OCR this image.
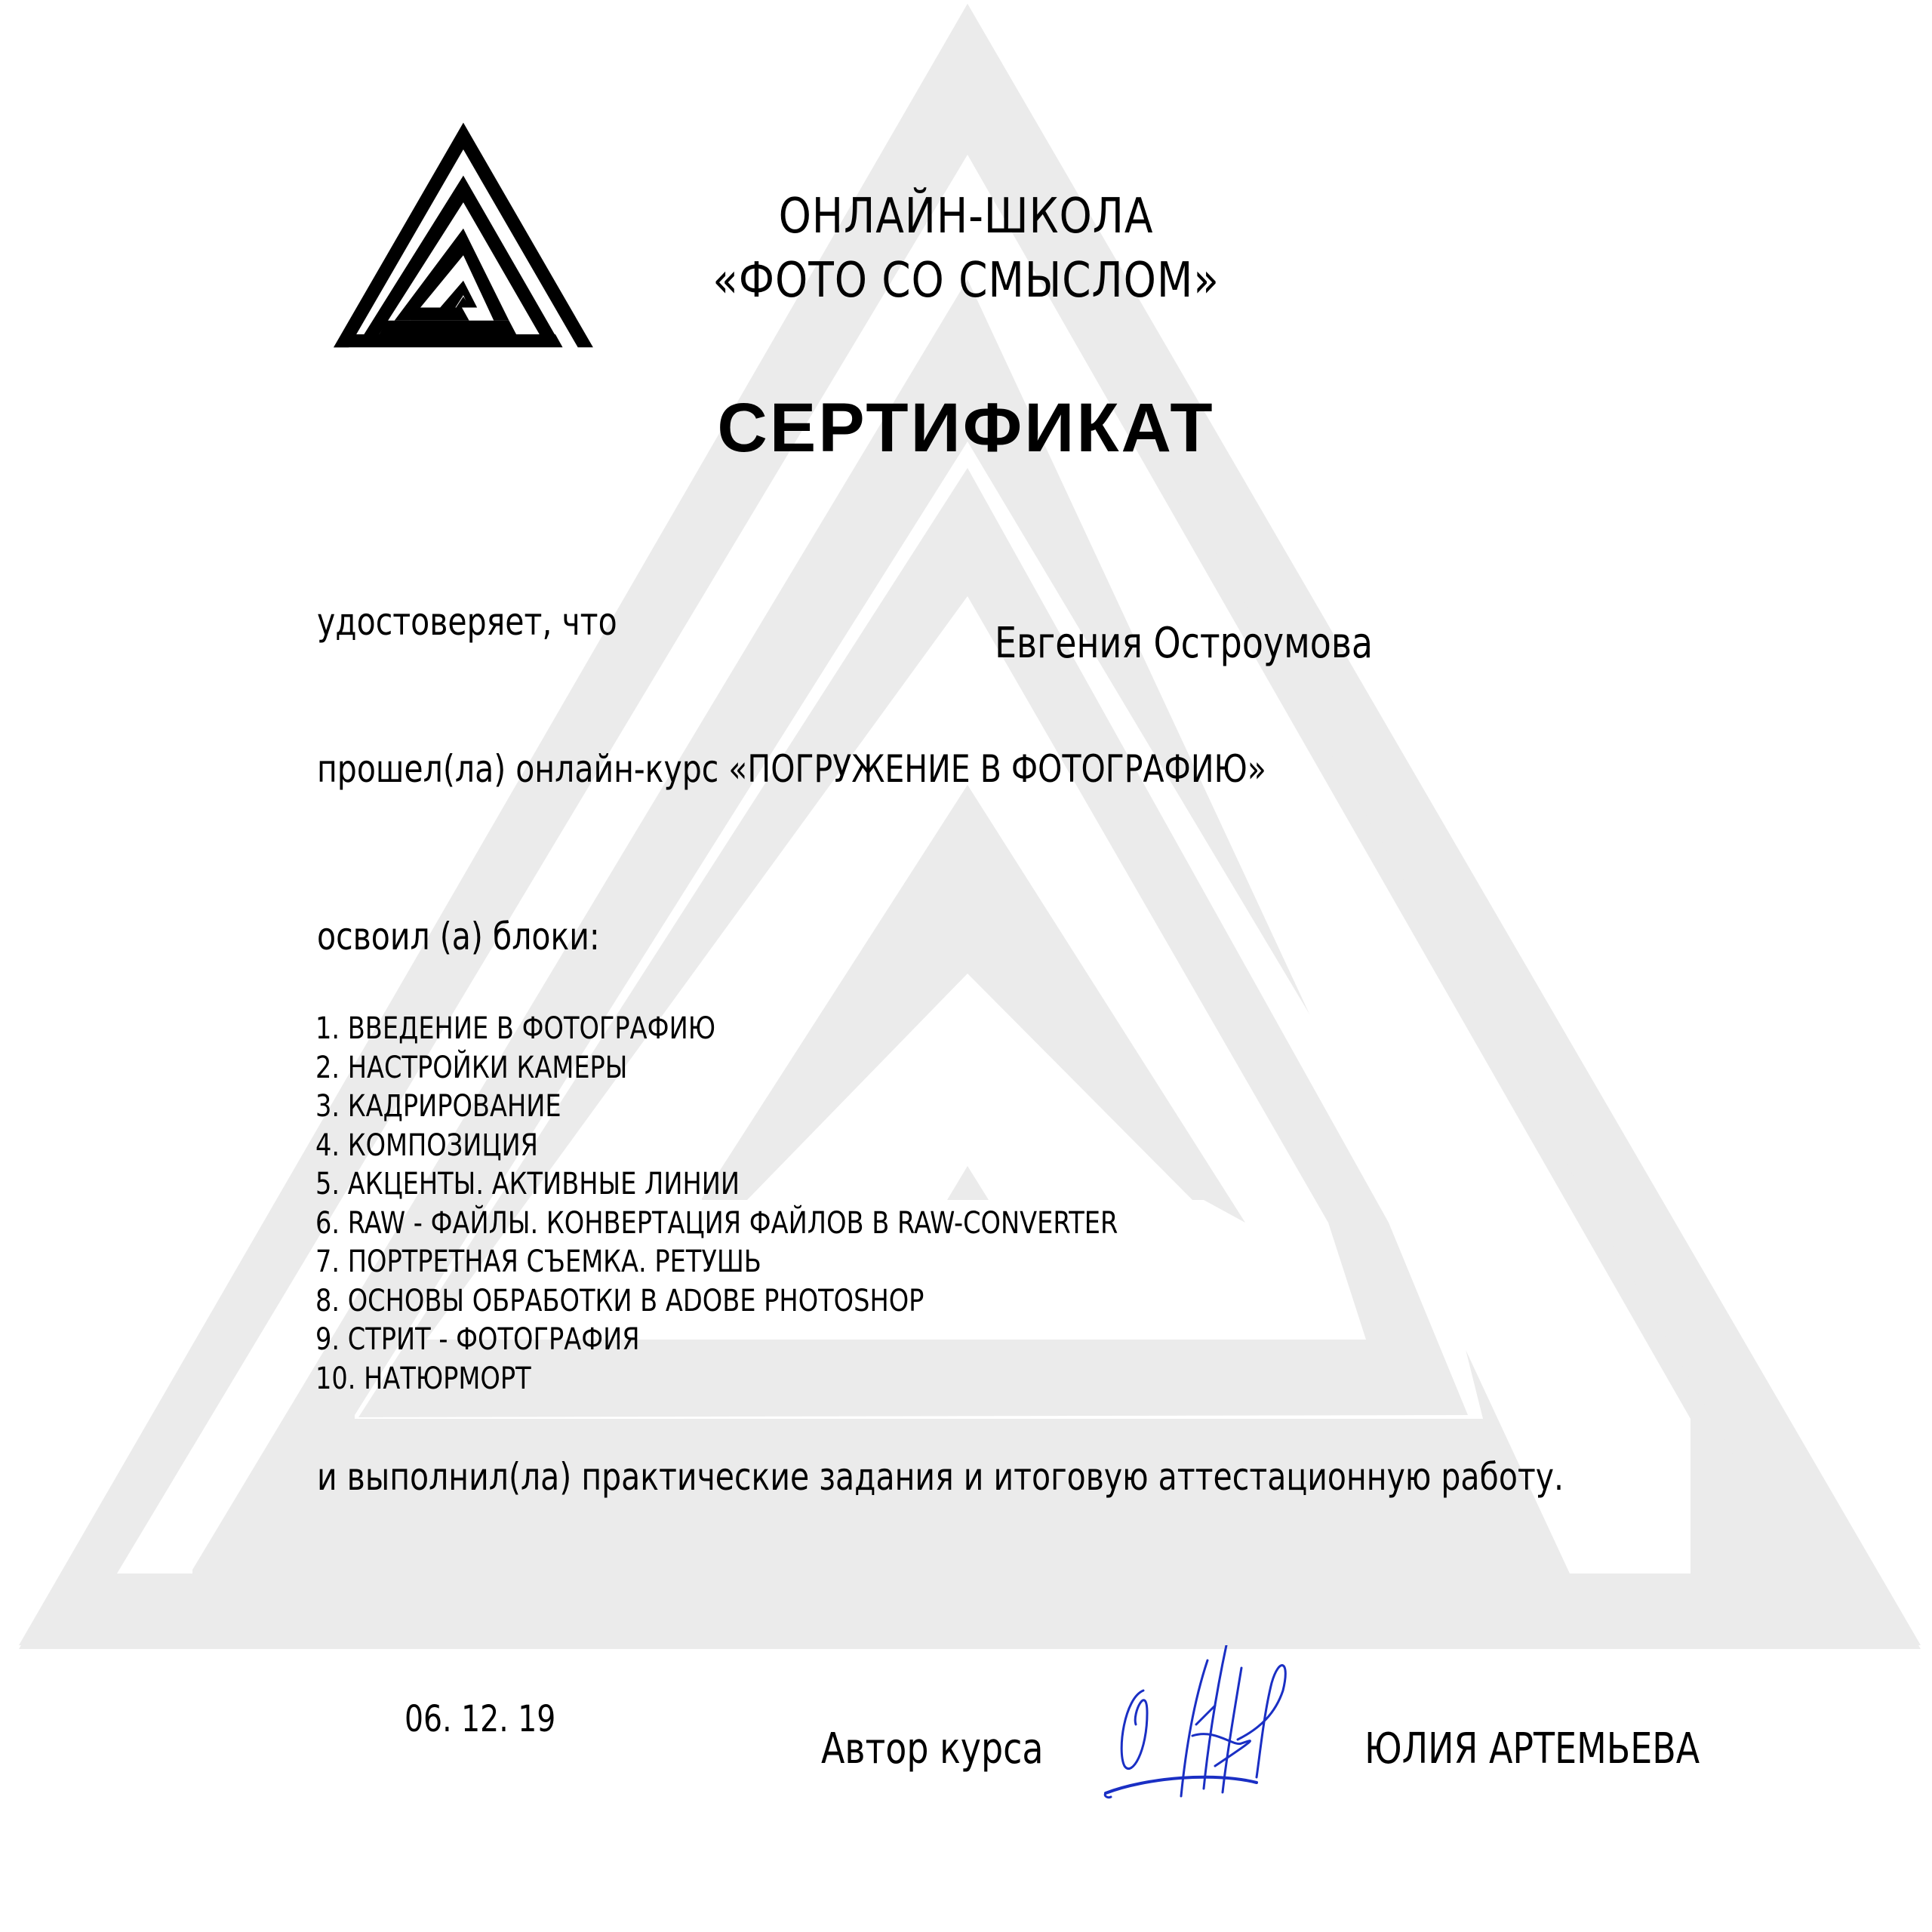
ОНЛАЙН-ШКОЛА
«ФОТО СО СМЫСЛОМ»
СЕРТИФИКАТ
удостоверяет, что	Евгения Остроумова
прошел(ла) онлайн-курс «ПОГРУЖЕНИЕ В ФОТОГРАФИЮ»
освоил (а) блоки:
1. ВВЕДЕНИЕ В ФОТОГРАФИЮ
2. НАСТРОЙКИ КАМЕРЫ
3. КАДРИРОВАНИЕ
4. КОМПОЗИЦИЯ
5. АКЦЕНТЫ. АКТИВНЫЕ ЛИНИИ
6. RAW - ФАЙЛЫ. КОНВЕРТАЦИЯ ФАЙЛОВ В RAW-CONVERTER
7. ПОРТРЕТНАЯ СЪЕМКА. РЕТУШЬ
8. ОСНОВЫ ОБРАБОТКИ В ADOBE PHOTOSHOP
9. СТРИТ - ФОТОГРАФИЯ
10. НАТЮРМОРТ
и выполнил(ла) практические задания и итоговую аттестационную работу.
06. 12. 19
Автор курса	ЮЛИЯ АРТЕМЬЕВА
